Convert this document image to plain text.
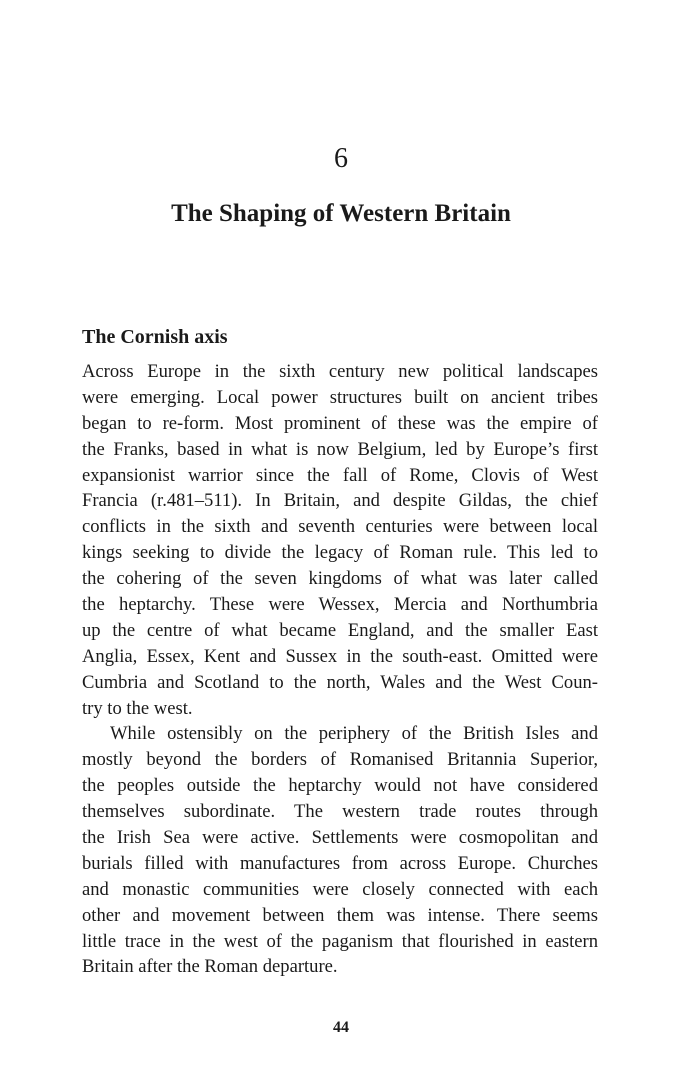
6
The Shaping of Western Britain
The Cornish axis
Across Europe in the sixth century new political landscapes
were emerging. Local power structures built on ancient tribes
began to re-form. Most prominent of these was the empire of
the Franks, based in what is now Belgium, led by Europe’s first
expansionist warrior since the fall of Rome, Clovis of West
Francia (r.481–511). In Britain, and despite Gildas, the chief
conflicts in the sixth and seventh centuries were between local
kings seeking to divide the legacy of Roman rule. This led to
the cohering of the seven kingdoms of what was later called
the heptarchy. These were Wessex, Mercia and Northumbria
up the centre of what became England, and the smaller East
Anglia, Essex, Kent and Sussex in the south-east. Omitted were
Cumbria and Scotland to the north, Wales and the West Coun-
try to the west.
While ostensibly on the periphery of the British Isles and
mostly beyond the borders of Romanised Britannia Superior,
the peoples outside the heptarchy would not have considered
themselves subordinate. The western trade routes through
the Irish Sea were active. Settlements were cosmopolitan and
burials filled with manufactures from across Europe. Churches
and monastic communities were closely connected with each
other and movement between them was intense. There seems
little trace in the west of the paganism that flourished in eastern
Britain after the Roman departure.
44
